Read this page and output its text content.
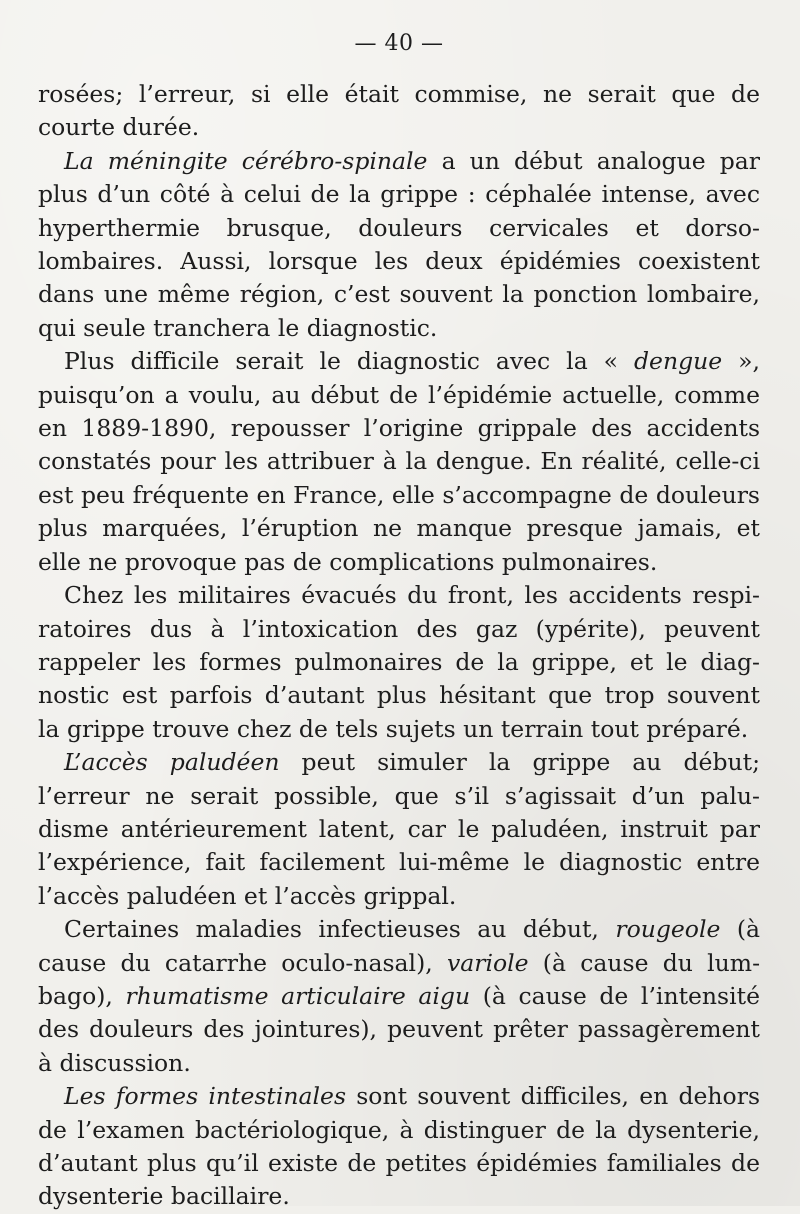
— 40 —
rosées; l’erreur, si elle était commise, ne serait que de
courte durée.
La méningite cérébro-spinale a un début analogue par
plus d’un côté à celui de la grippe : céphalée intense, avec
hyperthermie brusque, douleurs cervicales et dorso-
lombaires. Aussi, lorsque les deux épidémies coexistent
dans une même région, c’est souvent la ponction lombaire,
qui seule tranchera le diagnostic.
Plus difficile serait le diagnostic avec la « dengue »,
puisqu’on a voulu, au début de l’épidémie actuelle, comme
en 1889-1890, repousser l’origine grippale des accidents
constatés pour les attribuer à la dengue. En réalité, celle-ci
est peu fréquente en France, elle s’accompagne de douleurs
plus marquées, l’éruption ne manque presque jamais, et
elle ne provoque pas de complications pulmonaires.
Chez les militaires évacués du front, les accidents respi-
ratoires dus à l’intoxication des gaz (ypérite), peuvent
rappeler les formes pulmonaires de la grippe, et le diag-
nostic est parfois d’autant plus hésitant que trop souvent
la grippe trouve chez de tels sujets un terrain tout préparé.
L’accès paludéen peut simuler la grippe au début;
l’erreur ne serait possible, que s’il s’agissait d’un palu-
disme antérieurement latent, car le paludéen, instruit par
l’expérience, fait facilement lui-même le diagnostic entre
l’accès paludéen et l’accès grippal.
Certaines maladies infectieuses au début, rougeole (à
cause du catarrhe oculo-nasal), variole (à cause du lum-
bago), rhumatisme articulaire aigu (à cause de l’intensité
des douleurs des jointures), peuvent prêter passagèrement
à discussion.
Les formes intestinales sont souvent difficiles, en dehors
de l’examen bactériologique, à distinguer de la dysenterie,
d’autant plus qu’il existe de petites épidémies familiales de
dysenterie bacillaire.
